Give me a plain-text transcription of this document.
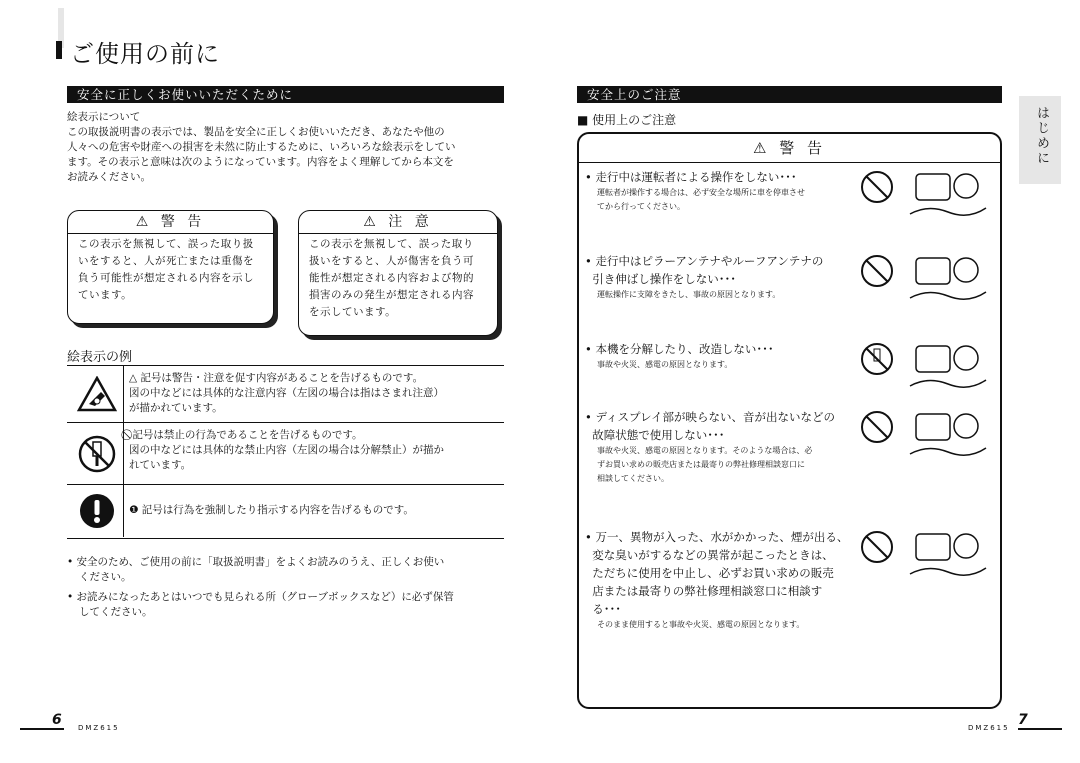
ご使用の前に
安全に正しくお使いいただくために
絵表示について
この取扱説明書の表示では、製品を安全に正しくお使いいただき、あなたや他の
人々への危害や財産への損害を未然に防止するために、いろいろな絵表示をしてい
ます。その表示と意味は次のようになっています。内容をよく理解してから本文を
お読みください。
⚠ 警 告
この表示を無視して、誤った取り扱
いをすると、人が死亡または重傷を
負う可能性が想定される内容を示し
ています。
⚠ 注 意
この表示を無視して、誤った取り
扱いをすると、人が傷害を負う可
能性が想定される内容および物的
損害のみの発生が想定される内容
を示しています。
絵表示の例
△ 記号は警告・注意を促す内容があることを告げるものです。
図の中などには具体的な注意内容（左図の場合は指はさまれ注意）
が描かれています。
⃠ 記号は禁止の行為であることを告げるものです。
図の中などには具体的な禁止内容（左図の場合は分解禁止）が描か
れています。
❶ 記号は行為を強制したり指示する内容を告げるものです。
• 安全のため、ご使用の前に「取扱説明書」をよくお読みのうえ、正しくお使い
ください。
• お読みになったあとはいつでも見られる所（グローブボックスなど）に必ず保管
してください。
6 DMZ615
安全上のご注意
■ 使用上のご注意
⚠ 警 告
• 走行中は運転者による操作をしない･･･
運転者が操作する場合は、必ず安全な場所に車を停車させ
てから行ってください。
• 走行中はピラーアンテナやルーフアンテナの
引き伸ばし操作をしない･･･
運転操作に支障をきたし、事故の原因となります。
• 本機を分解したり、改造しない･･･
事故や火災、感電の原因となります。
• ディスプレイ部が映らない、音が出ないなどの
故障状態で使用しない･･･
事故や火災、感電の原因となります。そのような場合は、必
ずお買い求めの販売店または最寄りの弊社修理相談窓口に
相談してください。
• 万一、異物が入った、水がかかった、煙が出る、
変な臭いがするなどの異常が起こったときは、
ただちに使用を中止し、必ずお買い求めの販売
店または最寄りの弊社修理相談窓口に相談す
る･･･
そのまま使用すると事故や火災、感電の原因となります。
はじめに
DMZ615 7
